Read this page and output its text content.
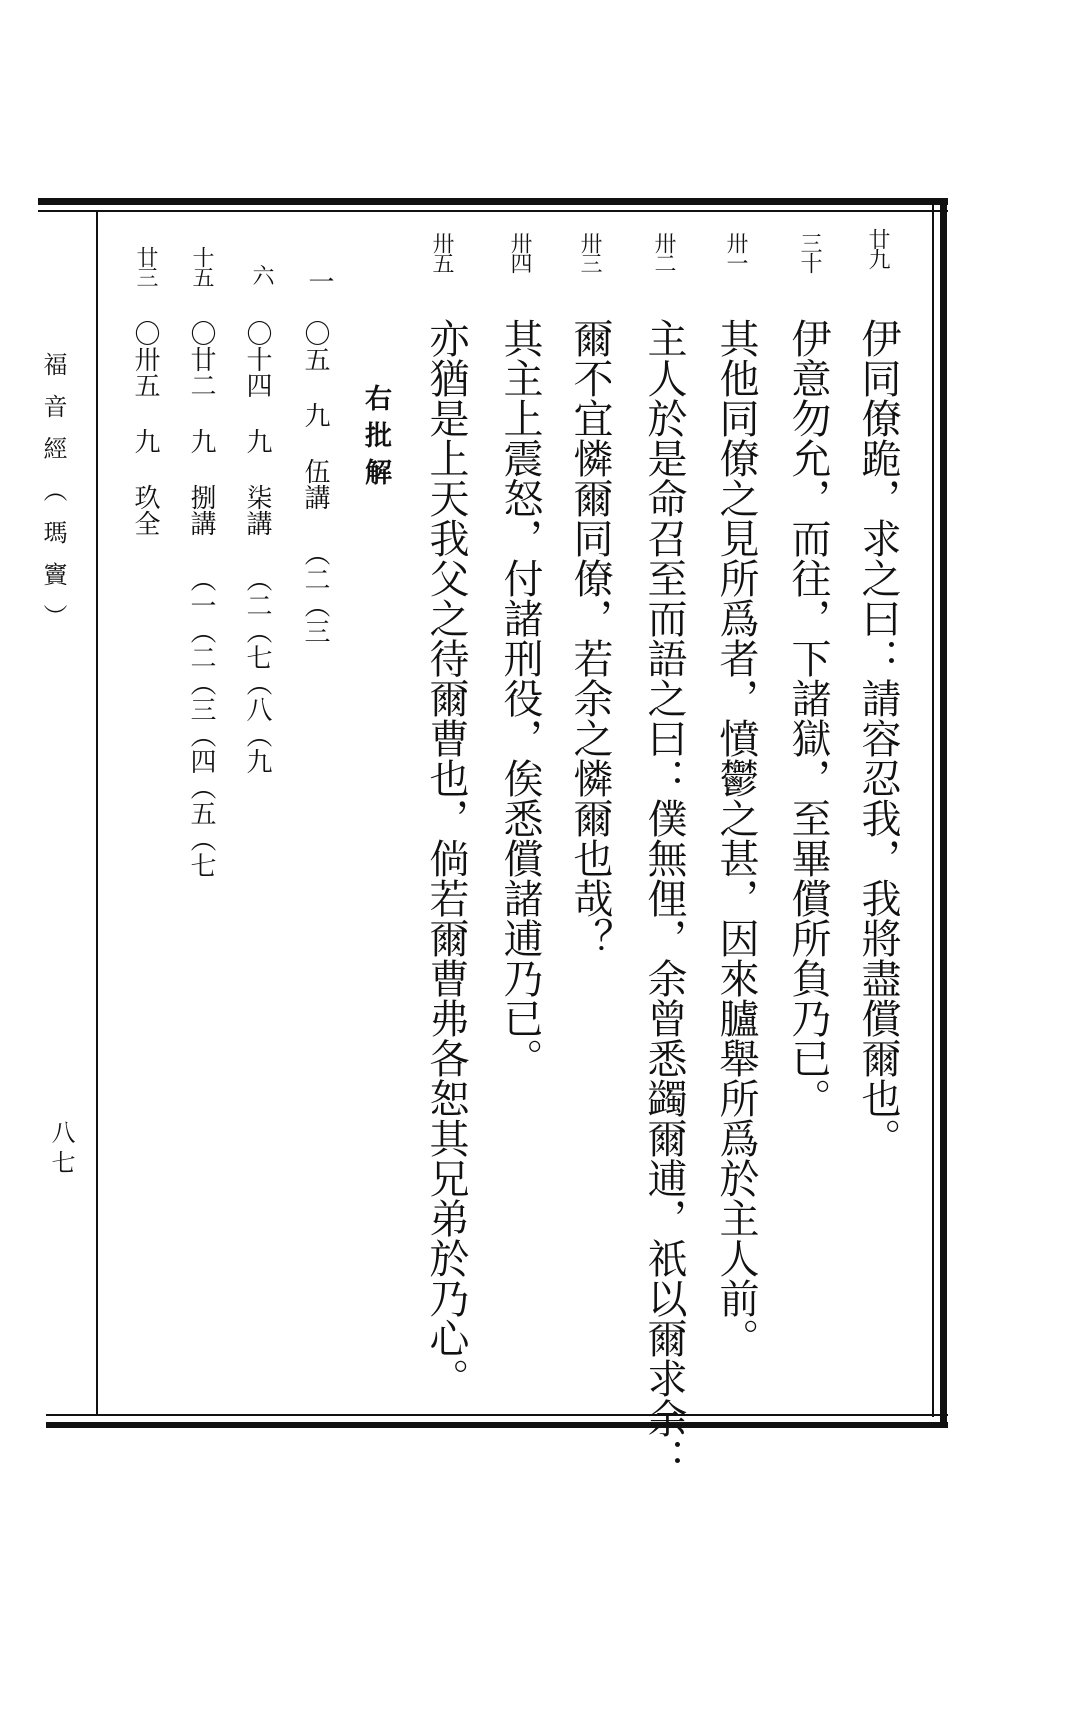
福音經（瑪竇）
八七
廿九
三十
卅一
卅二
卅三
卅四
卅五
伊同僚跪，求之曰：請容忍我，我將盡償爾也。
伊意勿允，而往，下諸獄，至畢償所負乃已。
其他同僚之見所爲者，憤鬱之甚，因來臚舉所爲於主人前。
主人於是命召至而語之曰：僕無俚，余曾悉蠲爾逋，祇以爾求余：
爾不宜憐爾同僚，若余之憐爾也哉？
其主上震怒，付諸刑役，俟悉償諸逋乃已。
亦猶是上天我父之待爾曹也，倘若爾曹弗各恕其兄弟於乃心。
右批解
一
六
十五
廿三
〇五 九 伍講 （二（三
〇十四 九 柒講 （二（七（八（九
〇廿二 九 捌講 （一（二（三（四（五（七
〇卅五 九 玖全
